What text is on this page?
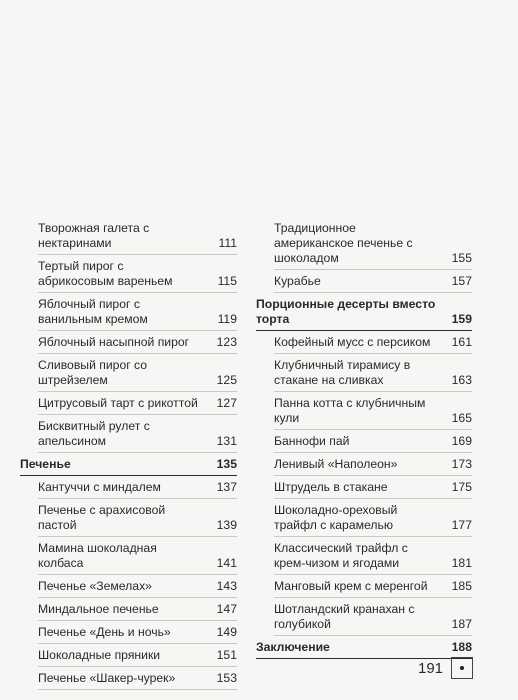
Творожная галета с нектаринами	111
Тертый пирог с абрикосовым вареньем	115
Яблочный пирог с ванильным кремом	119
Яблочный насыпной пирог	123
Сливовый пирог со штрейзелем	125
Цитрусовый тарт с рикоттой	127
Бисквитный рулет с апельсином	131
Печенье	135
Кантуччи с миндалем	137
Печенье с арахисовой пастой	139
Мамина шоколадная колбаса	141
Печенье «Земелах»	143
Миндальное печенье	147
Печенье «День и ночь»	149
Шоколадные пряники	151
Печенье «Шакер-чурек»	153
Традиционное американское печенье с шоколадом	155
Курабье	157
Порционные десерты вместо торта	159
Кофейный мусс с персиком	161
Клубничный тирамису в стакане на сливках	163
Панна котта с клубничным кули	165
Баннофи пай	169
Ленивый «Наполеон»	173
Штрудель в стакане	175
Шоколадно-ореховый трайфл с карамелью	177
Классический трайфл с крем-чизом и ягодами	181
Манговый крем с меренгой	185
Шотландский кранахан с голубикой	187
Заключение	188
191
